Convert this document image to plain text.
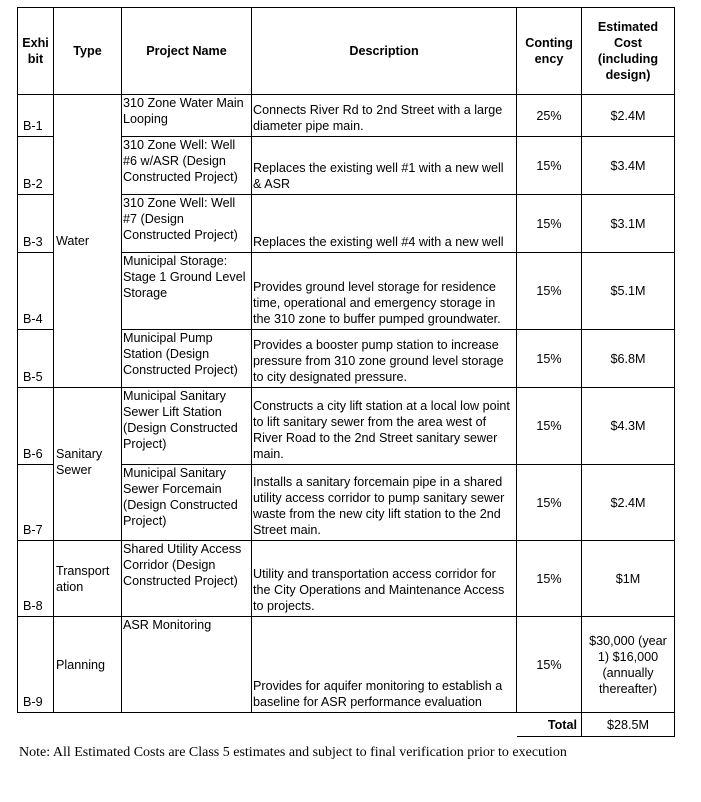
Exhi bit	Type	Project Name	Description	Conting ency	Estimated Cost (including design)
B-1	Water	310 Zone Water Main Looping	Connects River Rd to 2nd Street with a large diameter pipe main.	25%	$2.4M
B-2		310 Zone Well: Well #6 w/ASR (Design Constructed Project)	Replaces the existing well #1 with a new well & ASR	15%	$3.4M
B-3		310 Zone Well: Well #7 (Design Constructed Project)	Replaces the existing well #4 with a new well	15%	$3.1M
B-4		Municipal Storage: Stage 1 Ground Level Storage	Provides ground level storage for residence time, operational and emergency storage in the 310 zone to buffer pumped groundwater.	15%	$5.1M
B-5		Municipal Pump Station (Design Constructed Project)	Provides a booster pump station to increase pressure from 310 zone ground level storage to city designated pressure.	15%	$6.8M
B-6	Sanitary Sewer	Municipal Sanitary Sewer Lift Station (Design Constructed Project)	Constructs a city lift station at a local low point to lift sanitary sewer from the area west of River Road to the 2nd Street sanitary sewer main.	15%	$4.3M
B-7		Municipal Sanitary Sewer Forcemain (Design Constructed Project)	Installs a sanitary forcemain pipe in a shared utility access corridor to pump sanitary sewer waste from the new city lift station to the 2nd Street main.	15%	$2.4M
B-8	Transport ation	Shared Utility Access Corridor (Design Constructed Project)	Utility and transportation access corridor for the City Operations and Maintenance Access to projects.	15%	$1M
B-9	Planning	ASR Monitoring	Provides for aquifer monitoring to establish a baseline for ASR performance evaluation	15%	$30,000 (year 1) $16,000 (annually thereafter)
				Total	$28.5M
Note: All Estimated Costs are Class 5 estimates and subject to final verification prior to execution
